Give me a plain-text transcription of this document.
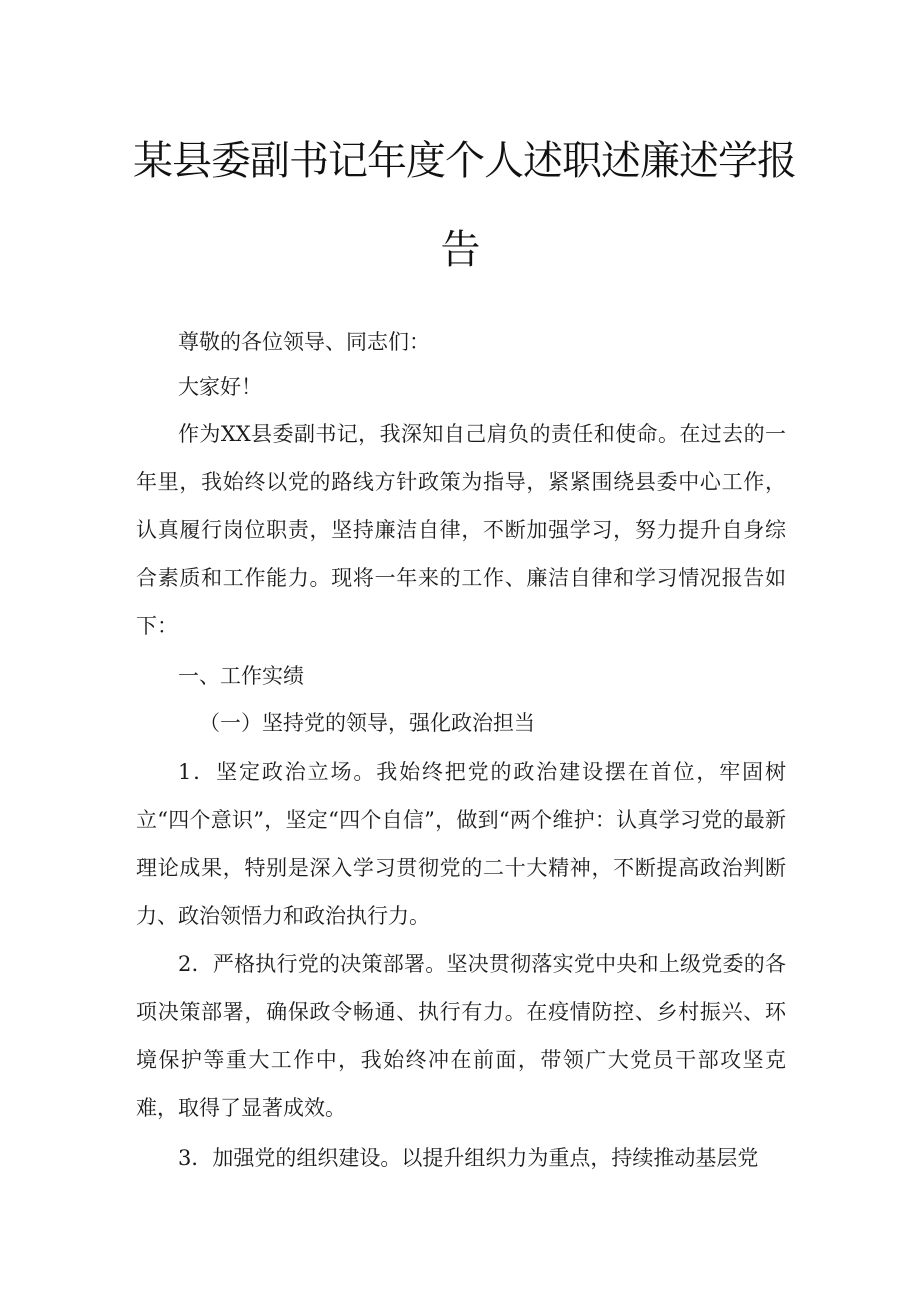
某县委副书记年度个人述职述廉述学报
告

尊敬的各位领导、同志们：

大家好！

作为XX县委副书记，我深知自己肩负的责任和使命。在过去的一年里，我始终以党的路线方针政策为指导，紧紧围绕县委中心工作，认真履行岗位职责，坚持廉洁自律，不断加强学习，努力提升自身综合素质和工作能力。现将一年来的工作、廉洁自律和学习情况报告如下：

一、工作实绩

（一）坚持党的领导，强化政治担当

1．坚定政治立场。我始终把党的政治建设摆在首位，牢固树立“四个意识”，坚定“四个自信”，做到“两个维护：认真学习党的最新理论成果，特别是深入学习贯彻党的二十大精神，不断提高政治判断力、政治领悟力和政治执行力。

2．严格执行党的决策部署。坚决贯彻落实党中央和上级党委的各项决策部署，确保政令畅通、执行有力。在疫情防控、乡村振兴、环境保护等重大工作中，我始终冲在前面，带领广大党员干部攻坚克难，取得了显著成效。

3．加强党的组织建设。以提升组织力为重点，持续推动基层党
